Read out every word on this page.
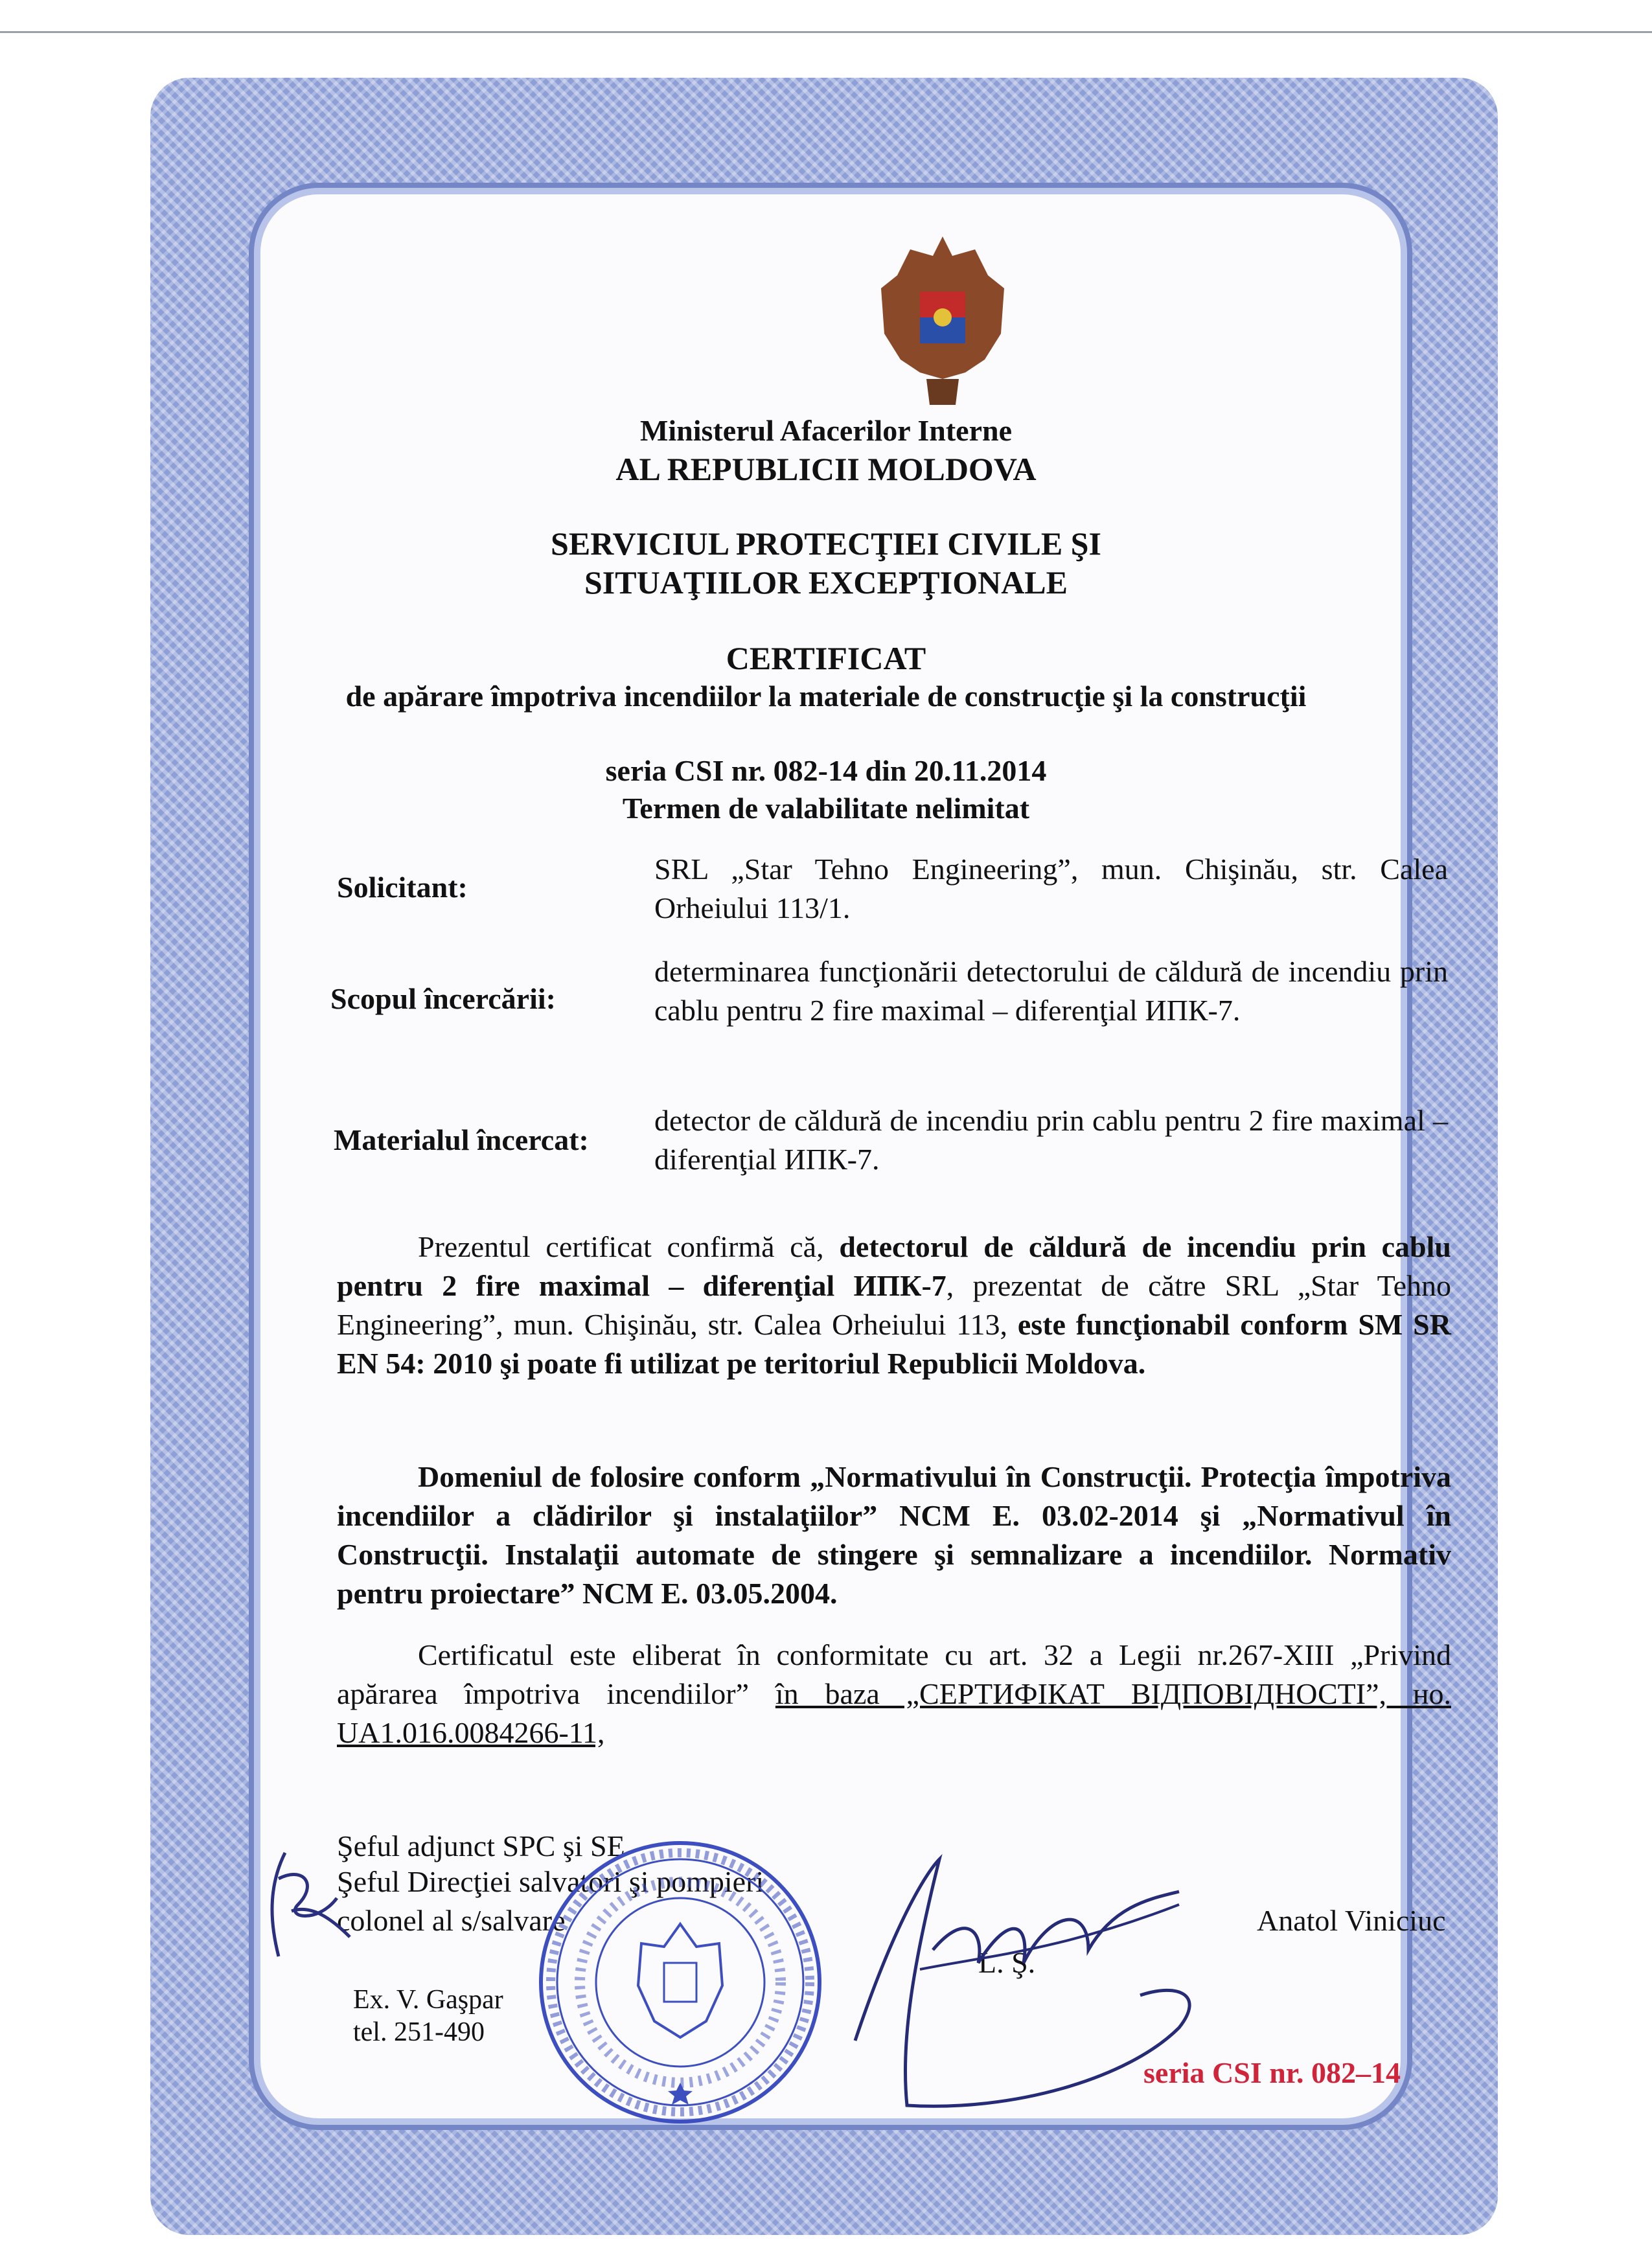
Ministerul Afacerilor Interne
AL REPUBLICII MOLDOVA
SERVICIUL PROTECŢIEI CIVILE ŞI
SITUAŢIILOR EXCEPŢIONALE
CERTIFICAT
de apărare împotriva incendiilor la materiale de construcţie şi la construcţii
seria CSI nr. 082-14 din 20.11.2014
Termen de valabilitate nelimitat
Solicitant:
SRL „Star Tehno Engineering”, mun. Chişinău, str. Calea Orheiului 113/1.
Scopul încercării:
determinarea funcţionării detectorului de căldură de incendiu prin cablu pentru 2 fire maximal – diferenţial ИПК-7.
Materialul încercat:
detector de căldură de incendiu prin cablu pentru 2 fire maximal – diferenţial ИПК-7.
Prezentul certificat confirmă că, detectorul de căldură de incendiu prin cablu pentru 2 fire maximal – diferenţial ИПК-7, prezentat de către SRL „Star Tehno Engineering”, mun. Chişinău, str. Calea Orheiului 113, este funcţionabil conform SM SR EN 54: 2010 şi poate fi utilizat pe teritoriul Republicii Moldova.
Domeniul de folosire conform „Normativului în Construcţii. Protecţia împotriva incendiilor a clădirilor şi instalaţiilor” NCM E. 03.02-2014 şi „Normativul în Construcţii. Instalaţii automate de stingere şi semnalizare a incendiilor. Normativ pentru proiectare” NCM E. 03.05.2004.
Certificatul este eliberat în conformitate cu art. 32 a Legii nr.267-XIII „Privind apărarea împotriva incendiilor” în baza „СЕРТИФІКАТ ВІДПОВІДНОСТІ”, но. UA1.016.0084266-11,
Şeful adjunct SPC şi SE
Şeful Direcţiei salvatori şi pompieri
colonel al s/salvare
L. Ş.
Anatol Viniciuc
Ex. V. Gaşpar
tel. 251-490
seria CSI nr. 082–14
